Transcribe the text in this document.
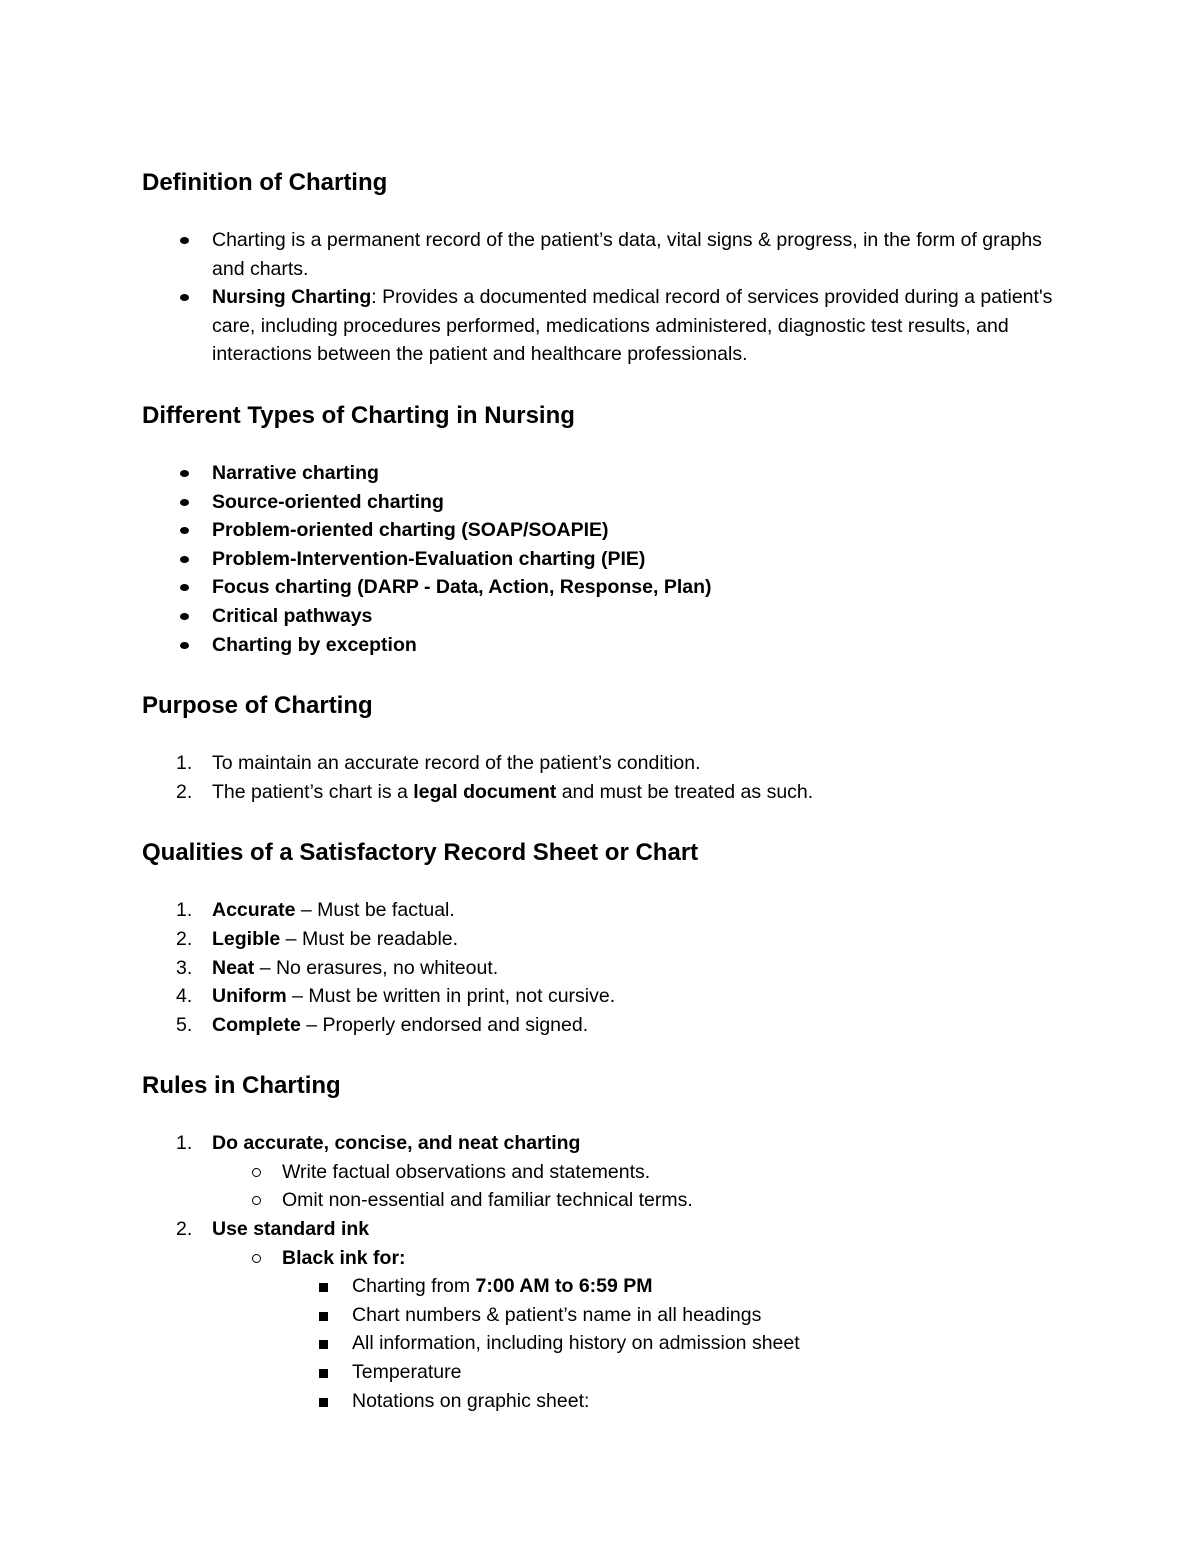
Definition of Charting
Charting is a permanent record of the patient’s data, vital signs & progress, in the form of graphs and charts.
Nursing Charting: Provides a documented medical record of services provided during a patient's care, including procedures performed, medications administered, diagnostic test results, and interactions between the patient and healthcare professionals.
Different Types of Charting in Nursing
Narrative charting
Source-oriented charting
Problem-oriented charting (SOAP/SOAPIE)
Problem-Intervention-Evaluation charting (PIE)
Focus charting (DARP - Data, Action, Response, Plan)
Critical pathways
Charting by exception
Purpose of Charting
1.	To maintain an accurate record of the patient’s condition.
2.	The patient’s chart is a legal document and must be treated as such.
Qualities of a Satisfactory Record Sheet or Chart
1.	Accurate – Must be factual.
2.	Legible – Must be readable.
3.	Neat – No erasures, no whiteout.
4.	Uniform – Must be written in print, not cursive.
5.	Complete – Properly endorsed and signed.
Rules in Charting
1.	Do accurate, concise, and neat charting
Write factual observations and statements.
Omit non-essential and familiar technical terms.
2.	Use standard ink
Black ink for:
Charting from 7:00 AM to 6:59 PM
Chart numbers & patient’s name in all headings
All information, including history on admission sheet
Temperature
Notations on graphic sheet:
